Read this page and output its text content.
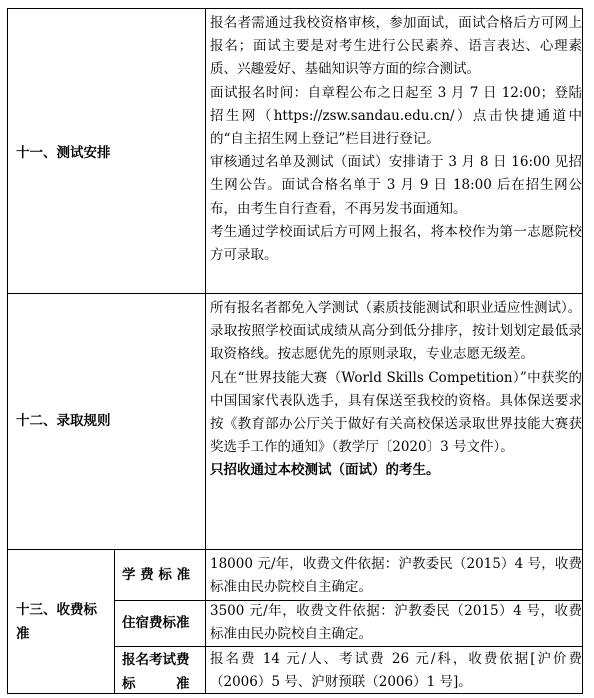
十一、测试安排

报名者需通过我校资格审核，参加面试，面试合格后方可网上报名；面试主要是对考生进行公民素养、语言表达、心理素质、兴趣爱好、基础知识等方面的综合测试。

面试报名时间：自章程公布之日起至 3 月 7 日 12:00；登陆招生网（https://zsw.sandau.edu.cn/）点击快捷通道中的“自主招生网上登记”栏目进行登记。

审核通过名单及测试（面试）安排请于 3 月 8 日 16:00 见招生网公告。面试合格名单于 3 月 9 日 18:00 后在招生网公布，由考生自行查看，不再另发书面通知。

考生通过学校面试后方可网上报名，将本校作为第一志愿院校方可录取。

十二、录取规则

所有报名者都免入学测试（素质技能测试和职业适应性测试）。

录取按照学校面试成绩从高分到低分排序，按计划划定最低录取资格线。按志愿优先的原则录取，专业志愿无级差。

凡在“世界技能大赛（World Skills Competition）”中获奖的中国国家代表队选手，具有保送至我校的资格。具体保送要求按《教育部办公厅关于做好有关高校保送录取世界技能大赛获奖选手工作的通知》（教学厅〔2020〕3 号文件）。

只招收通过本校测试（面试）的考生。

十三、收费标
准
学 费 标 准
18000 元/年，收费文件依据：沪教委民（2015）4 号，收费标准由民办院校自主确定。
住宿费标准
3500 元/年，收费文件依据：沪教委民（2015）4 号，收费标准由民办院校自主确定。
报名考试费
标　　　准
报名费 14 元/人、考试费 26 元/科，收费依据[沪价费（2006）5 号、沪财预联（2006）1 号]。
